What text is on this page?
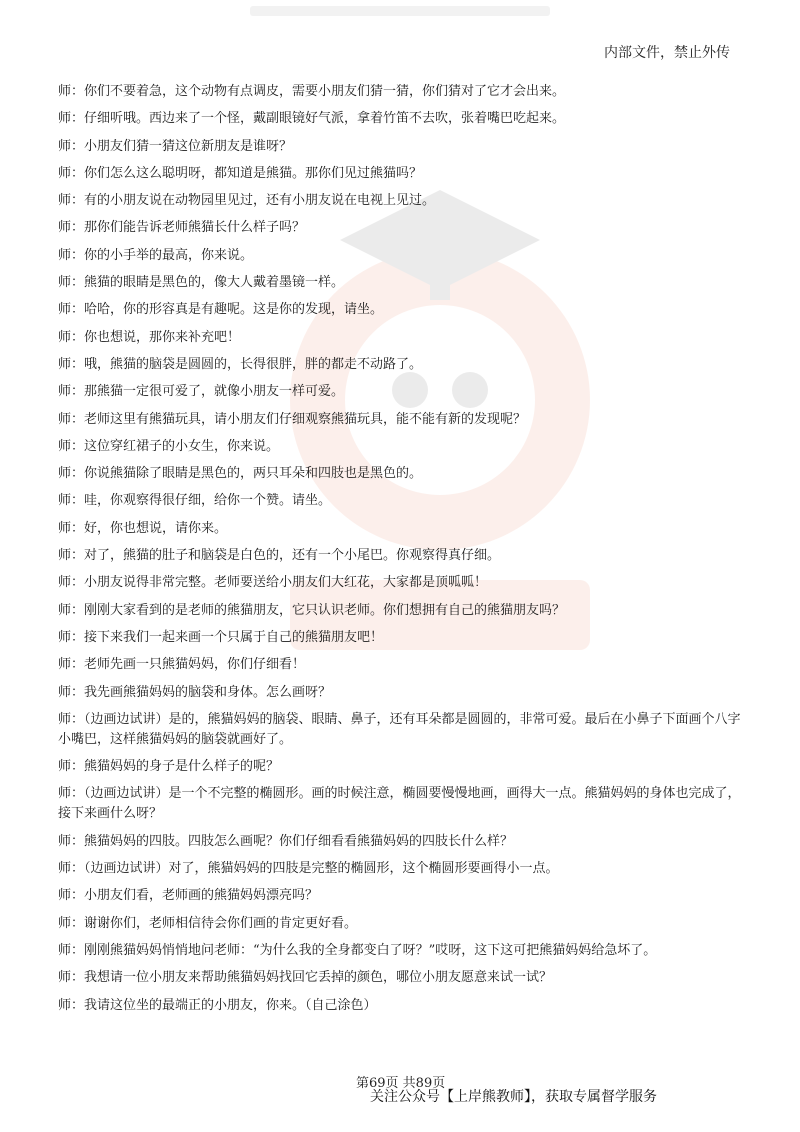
内部文件，禁止外传
师：你们不要着急，这个动物有点调皮，需要小朋友们猜一猜，你们猜对了它才会出来。
师：仔细听哦。西边来了一个怪，戴副眼镜好气派，拿着竹笛不去吹，张着嘴巴吃起来。
师：小朋友们猜一猜这位新朋友是谁呀？
师：你们怎么这么聪明呀，都知道是熊猫。那你们见过熊猫吗？
师：有的小朋友说在动物园里见过，还有小朋友说在电视上见过。
师：那你们能告诉老师熊猫长什么样子吗？
师：你的小手举的最高，你来说。
师：熊猫的眼睛是黑色的，像大人戴着墨镜一样。
师：哈哈，你的形容真是有趣呢。这是你的发现，请坐。
师：你也想说，那你来补充吧！
师：哦，熊猫的脑袋是圆圆的，长得很胖，胖的都走不动路了。
师：那熊猫一定很可爱了，就像小朋友一样可爱。
师：老师这里有熊猫玩具，请小朋友们仔细观察熊猫玩具，能不能有新的发现呢？
师：这位穿红裙子的小女生，你来说。
师：你说熊猫除了眼睛是黑色的，两只耳朵和四肢也是黑色的。
师：哇，你观察得很仔细，给你一个赞。请坐。
师：好，你也想说，请你来。
师：对了，熊猫的肚子和脑袋是白色的，还有一个小尾巴。你观察得真仔细。
师：小朋友说得非常完整。老师要送给小朋友们大红花，大家都是顶呱呱！
师：刚刚大家看到的是老师的熊猫朋友，它只认识老师。你们想拥有自己的熊猫朋友吗？
师：接下来我们一起来画一个只属于自己的熊猫朋友吧！
师：老师先画一只熊猫妈妈，你们仔细看！
师：我先画熊猫妈妈的脑袋和身体。怎么画呀？
师：（边画边试讲）是的，熊猫妈妈的脑袋、眼睛、鼻子，还有耳朵都是圆圆的，非常可爱。最后在小鼻子下面画个八字小嘴巴，这样熊猫妈妈的脑袋就画好了。
师：熊猫妈妈的身子是什么样子的呢？
师：（边画边试讲）是一个不完整的椭圆形。画的时候注意，椭圆要慢慢地画，画得大一点。熊猫妈妈的身体也完成了，接下来画什么呀？
师：熊猫妈妈的四肢。四肢怎么画呢？你们仔细看看熊猫妈妈的四肢长什么样？
师：（边画边试讲）对了，熊猫妈妈的四肢是完整的椭圆形，这个椭圆形要画得小一点。
师：小朋友们看，老师画的熊猫妈妈漂亮吗？
师：谢谢你们，老师相信待会你们画的肯定更好看。
师：刚刚熊猫妈妈悄悄地问老师：“为什么我的全身都变白了呀？”哎呀，这下这可把熊猫妈妈给急坏了。
师：我想请一位小朋友来帮助熊猫妈妈找回它丢掉的颜色，哪位小朋友愿意来试一试？
师：我请这位坐的最端正的小朋友，你来。（自己涂色）
第69页 共89页
关注公众号【上岸熊教师】，获取专属督学服务
